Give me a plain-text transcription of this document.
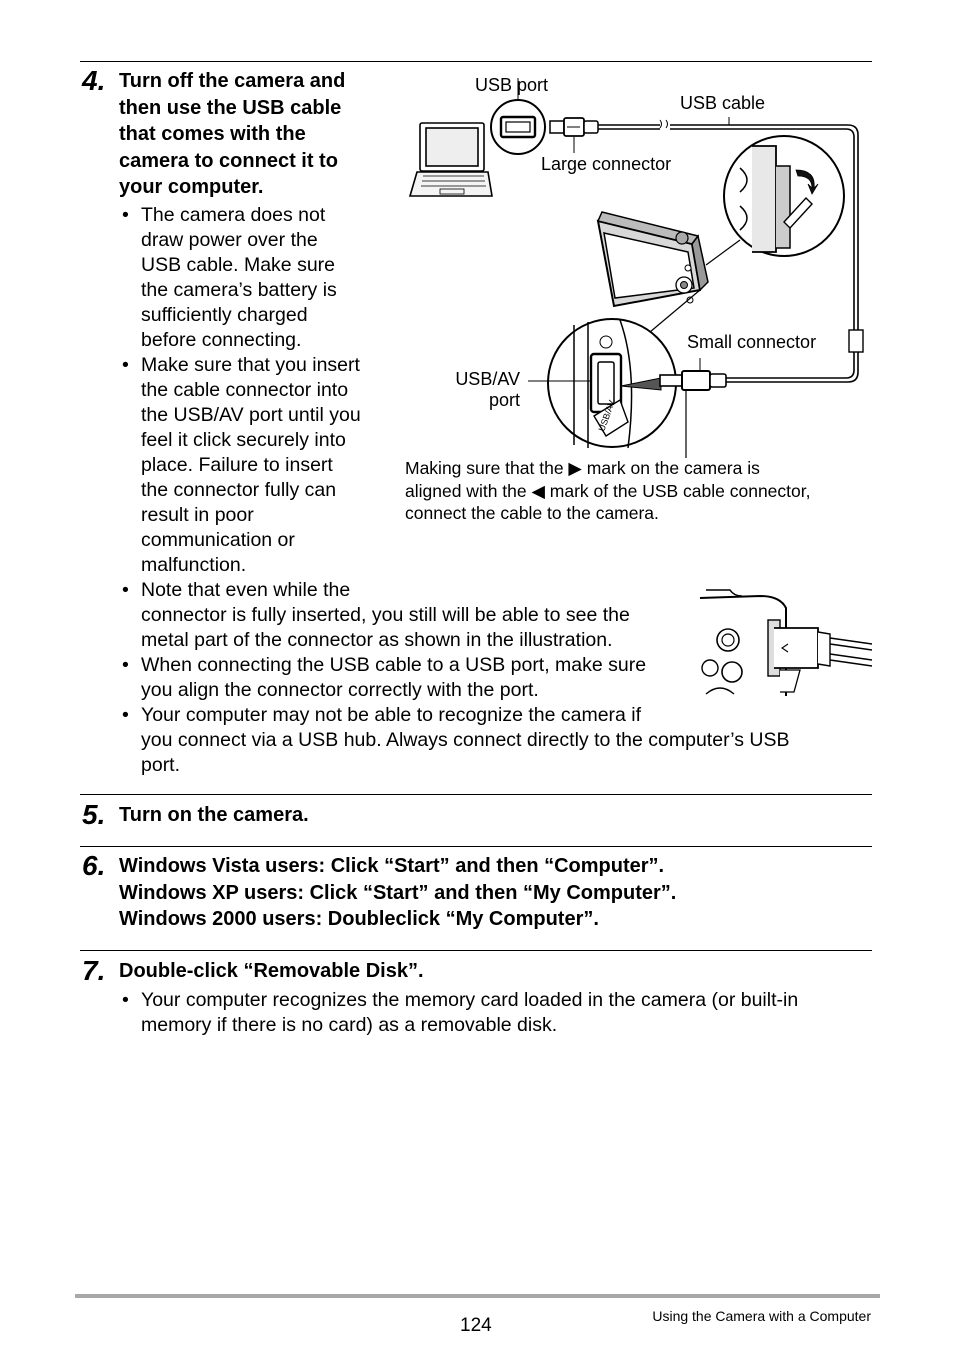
4. Turn off the camera and
then use the USB cable
that comes with the
camera to connect it to
your computer.
• The camera does not
draw power over the
USB cable. Make sure
the camera’s battery is
sufficiently charged
before connecting.
• Make sure that you insert
the cable connector into
the USB/AV port until you
feel it click securely into
place. Failure to insert
the connector fully can
result in poor
communication or
malfunction.
• Note that even while the
connector is fully inserted, you still will be able to see the
metal part of the connector as shown in the illustration.
• When connecting the USB cable to a USB port, make sure
you align the connector correctly with the port.
• Your computer may not be able to recognize the camera if
you connect via a USB hub. Always connect directly to the computer’s USB
port.
USB/AV
USB port
USB cable
Large connector
Small connector
USB/AV
port
Making sure that the ▶ mark on the camera is
aligned with the ◀ mark of the USB cable connector,
connect the cable to the camera.
5. Turn on the camera.
6. Windows Vista users: Click “Start” and then “Computer”.
Windows XP users: Click “Start” and then “My Computer”.
Windows 2000 users: Doubleclick “My Computer”.
7. Double-click “Removable Disk”.
• Your computer recognizes the memory card loaded in the camera (or built-in
memory if there is no card) as a removable disk.
124	Using the Camera with a Computer
